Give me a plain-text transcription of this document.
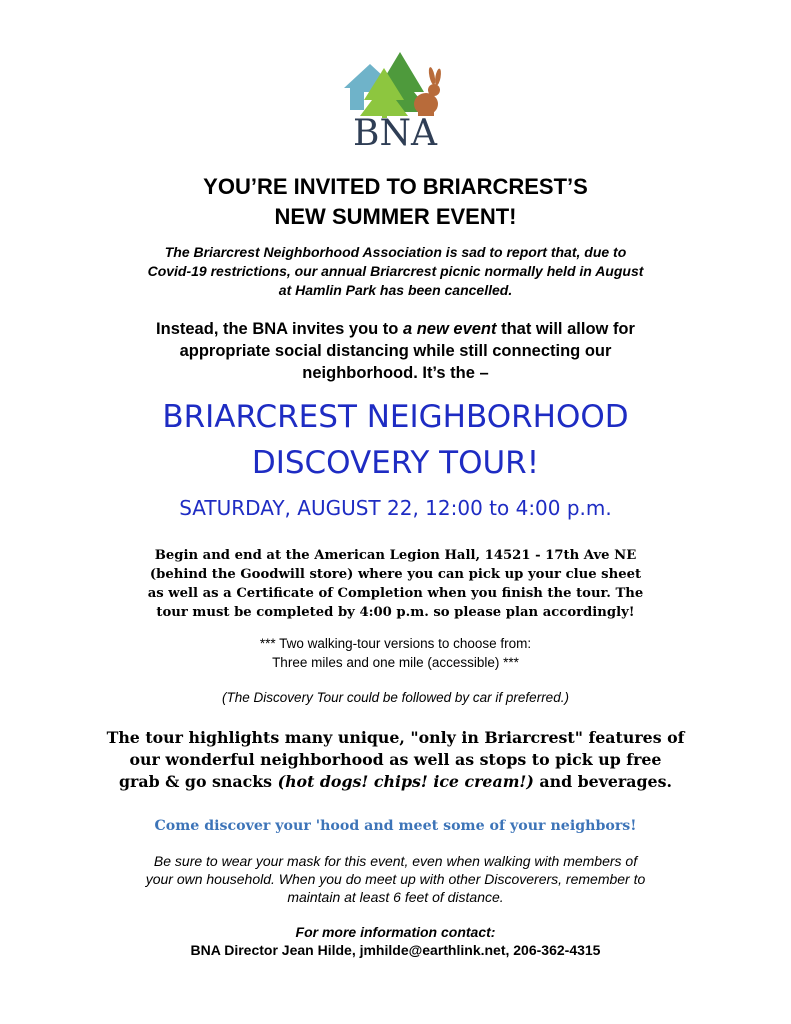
BNA
YOU’RE INVITED TO BRIARCREST’S
NEW SUMMER EVENT!
The Briarcrest Neighborhood Association is sad to report that, due to
Covid-19 restrictions, our annual Briarcrest picnic normally held in August
at Hamlin Park has been cancelled.
Instead, the BNA invites you to a new event that will allow for
appropriate social distancing while still connecting our
neighborhood. It’s the –
BRIARCREST NEIGHBORHOOD
DISCOVERY TOUR!
SATURDAY, AUGUST 22, 12:00 to 4:00 p.m.
Begin and end at the American Legion Hall, 14521 - 17th Ave NE
(behind the Goodwill store) where you can pick up your clue sheet
as well as a Certificate of Completion when you finish the tour. The
tour must be completed by 4:00 p.m. so please plan accordingly!
*** Two walking-tour versions to choose from:
Three miles and one mile (accessible) ***
(The Discovery Tour could be followed by car if preferred.)
The tour highlights many unique, "only in Briarcrest" features of
our wonderful neighborhood as well as stops to pick up free
grab & go snacks (hot dogs! chips! ice cream!) and beverages.
Come discover your 'hood and meet some of your neighbors!
Be sure to wear your mask for this event, even when walking with members of
your own household. When you do meet up with other Discoverers, remember to
maintain at least 6 feet of distance.
For more information contact:
BNA Director Jean Hilde, jmhilde@earthlink.net, 206-362-4315
